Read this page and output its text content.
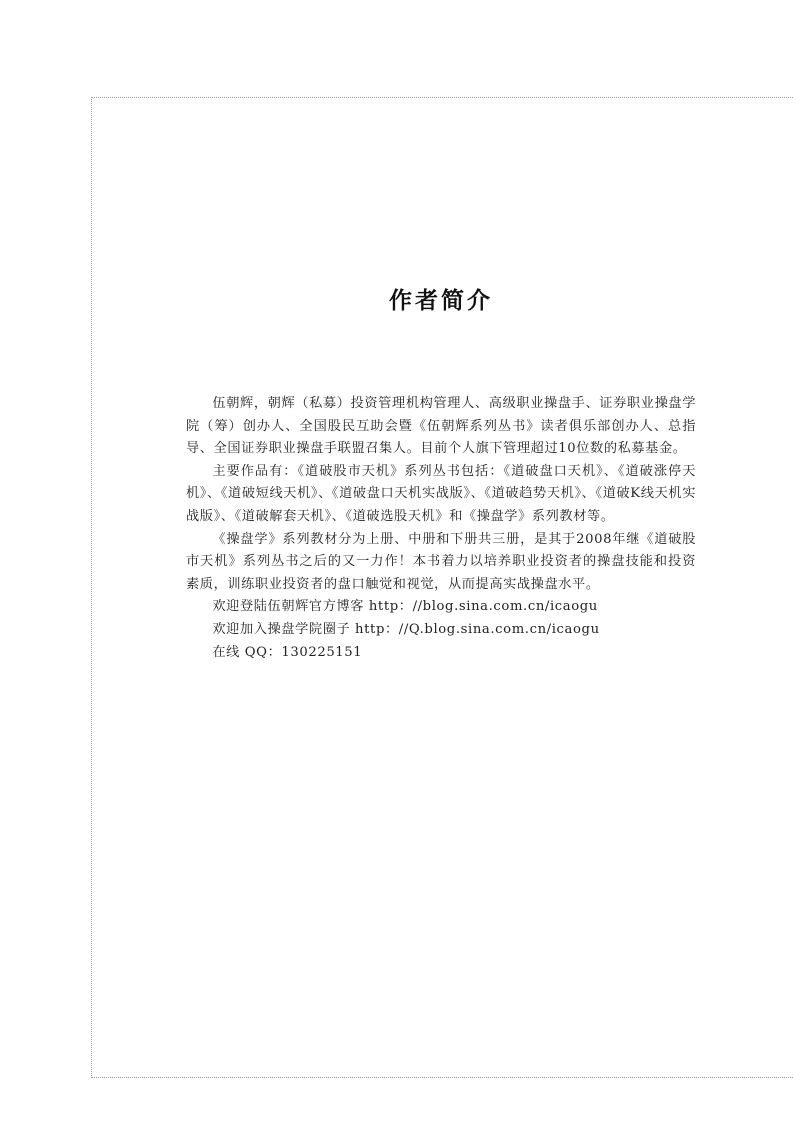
作者简介

伍朝辉，朝辉（私募）投资管理机构管理人、高级职业操盘手、证券职业操盘学院（筹）创办人、全国股民互助会暨《伍朝辉系列丛书》读者俱乐部创办人、总指导、全国证券职业操盘手联盟召集人。目前个人旗下管理超过10位数的私募基金。

主要作品有：《道破股市天机》系列丛书包括：《道破盘口天机》、《道破涨停天机》、《道破短线天机》、《道破盘口天机实战版》、《道破趋势天机》、《道破K线天机实战版》、《道破解套天机》、《道破选股天机》和《操盘学》系列教材等。

《操盘学》系列教材分为上册、中册和下册共三册，是其于2008年继《道破股市天机》系列丛书之后的又一力作！本书着力以培养职业投资者的操盘技能和投资素质，训练职业投资者的盘口触觉和视觉，从而提高实战操盘水平。

欢迎登陆伍朝辉官方博客 http：//blog.sina.com.cn/icaogu

欢迎加入操盘学院圈子 http：//Q.blog.sina.com.cn/icaogu

在线 QQ：130225151
